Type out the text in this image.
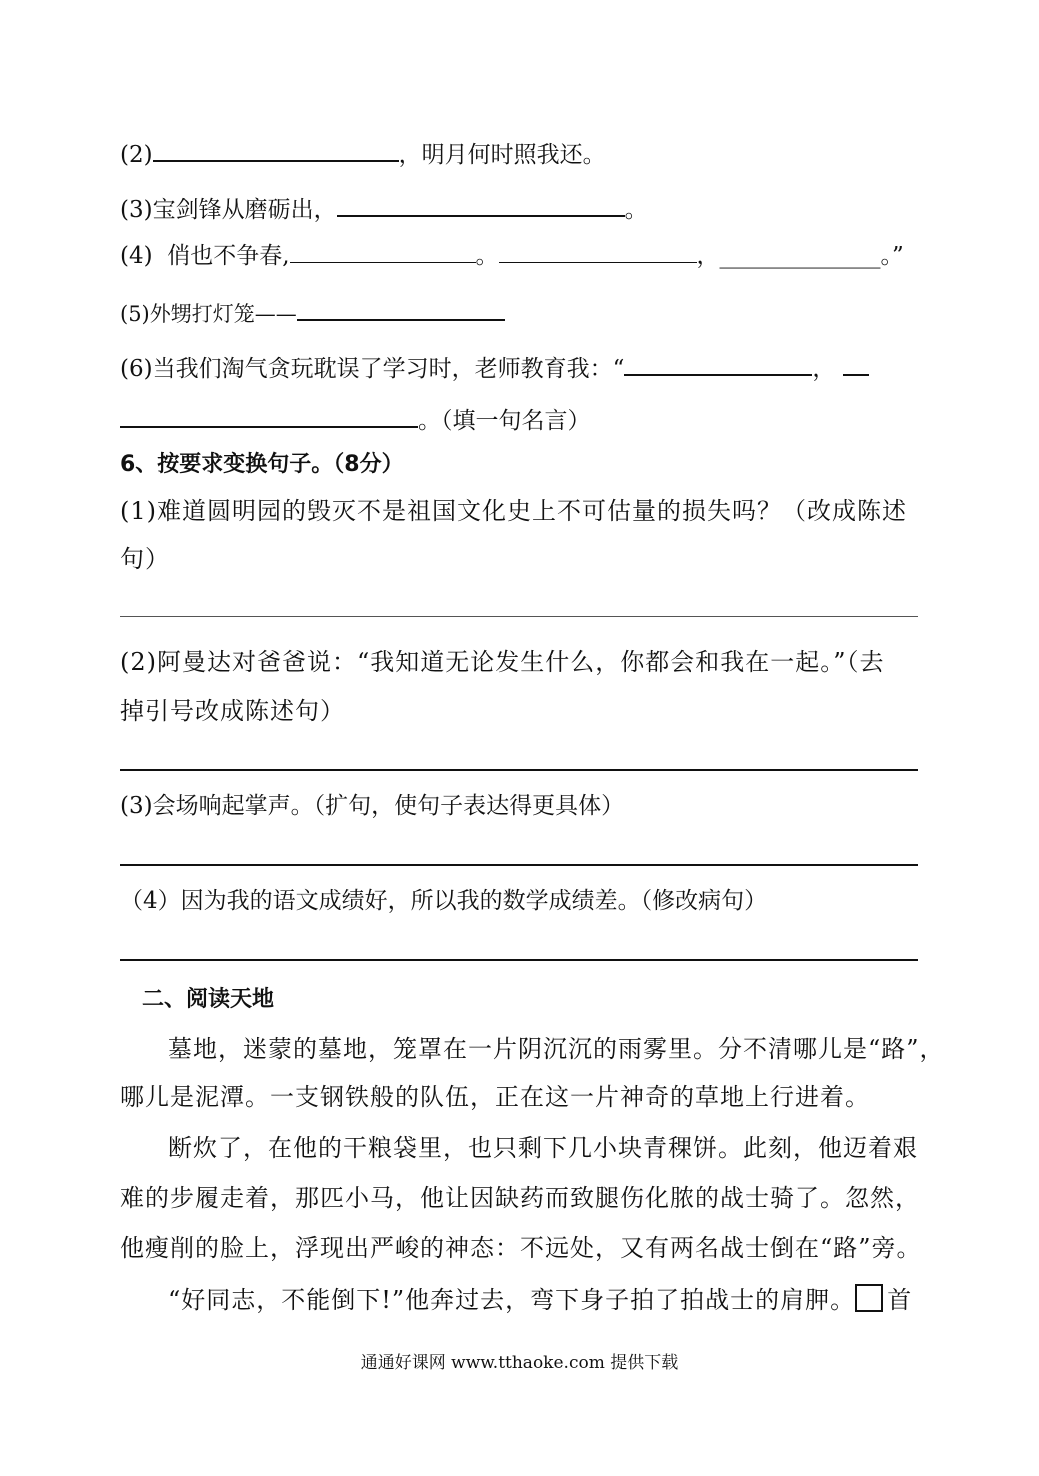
(2)	，明月何时照我还。
(3)宝剑锋从磨砺出，	。
(4) 俏也不争春,	。	，______________。”
(5)外甥打灯笼——
(6)当我们淘气贪玩耽误了学习时，老师教育我：“	，
。（填一句名言）
6、按要求变换句子。（8分）
(1)难道圆明园的毁灭不是祖国文化史上不可估量的损失吗？（改成陈述
句）
(2)阿曼达对爸爸说：“我知道无论发生什么，你都会和我在一起。”（去
掉引号改成陈述句）
(3)会场响起掌声。（扩句，使句子表达得更具体）
（4）因为我的语文成绩好，所以我的数学成绩差。（修改病句）
二、阅读天地
墓地，迷蒙的墓地，笼罩在一片阴沉沉的雨雾里。分不清哪儿是“路”，
哪儿是泥潭。一支钢铁般的队伍，正在这一片神奇的草地上行进着。
断炊了，在他的干粮袋里，也只剩下几小块青稞饼。此刻，他迈着艰
难的步履走着，那匹小马，他让因缺药而致腿伤化脓的战士骑了。忽然，
他瘦削的脸上，浮现出严峻的神态：不远处，又有两名战士倒在“路”旁。
“好同志，不能倒下!”他奔过去，弯下身子拍了拍战士的肩胛。 首
通通好课网 www.tthaoke.com 提供下载
